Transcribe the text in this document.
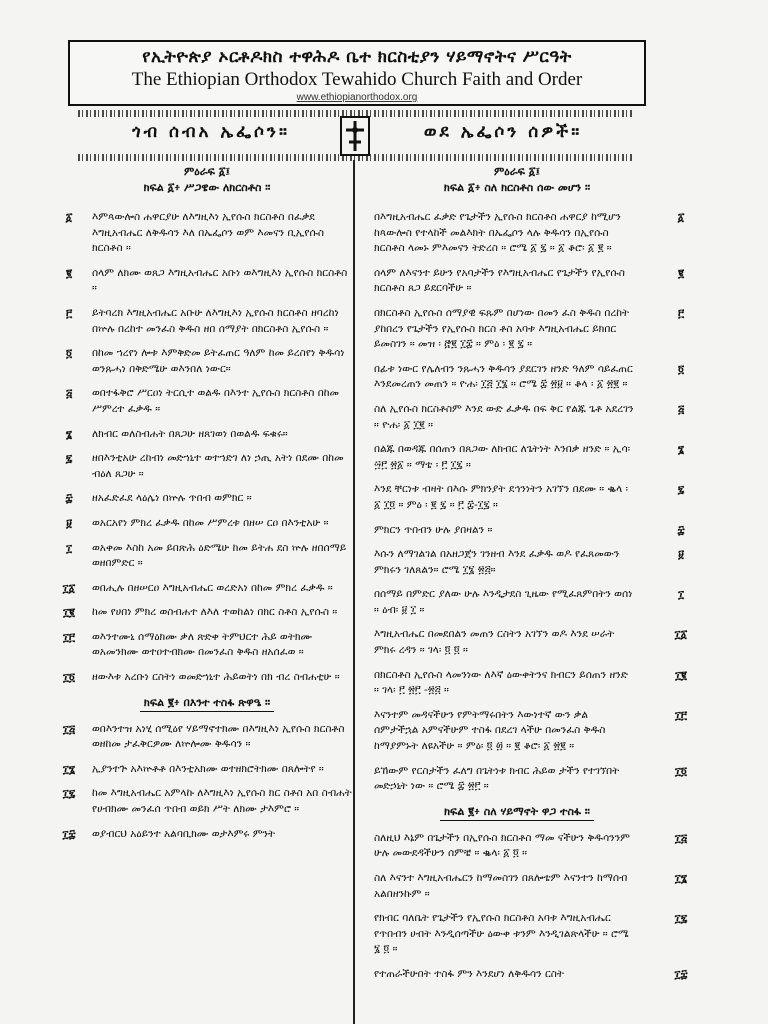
የኢትዮጵያ ኦርቶዶክስ ተዋሕዶ ቤተ ክርስቲያን ሃይማኖትና ሥርዓት
The Ethiopian Orthodox Tewahido Church Faith and Order
www.ethiopianorthodox.org
ጎብ ሰብአ ኤፌሶን።	ወደ ኤፌሶን ሰዎች።
ምዕራፍ ፩፤
ክፍል ፩፥ ሥጋዌው ለክርስቶስ ።
፩	እምጳውሎስ ሐዋርያሁ ለእግዚእነ ኢየሱስ ክርስቶስ በፈቃደ እግዚአብሔር ለቅዱሳን እለ በኤፌሶን ወም እመናን ቢኢየሱስ ክርስቶስ ።
፪	ሰላም ለክሙ ወጸጋ እግዚአብሔር አቡነ ወእግዚእነ ኢየሱስ ክርስቶስ ።
፫	ይትባረክ እግዚአብሔር አቡሁ ለእግዚእነ ኢየሱስ ክርስቶስ ዘባረከነ በኵሉ በረከተ መንፈስ ቅዱስ ዘበ ሰማያት በክርስቶስ ኢየሱስ ።
፬	በከመ ኀረየነ ሎቱ እምቅድመ ይትፈጠር ዓለም ከመ ይረስየነ ቅዱሳነ ወንጹሓነ በቅድሜሁ ወእንበለ ነውር።
፭	ወበተፋቅሮ ሥርዐነ ትርሲተ ወልዱ በእንተ ኢየሱስ ክርስቶስ በከመ ሥምረተ ፈቃዱ ።
፮	ለክብር ወለስብሐት በጸጋሁ ዘጸገወነ በወልዱ ፍቁሩ።
፯	ዘበእንቲአሁ ረከብነ መድኀኒተ ወተኀድገ ለነ ኃጢ አትነ በደሙ በከመ ብዕለ ጸጋሁ ።
፰	ዘአፈድፈደ ላዕሌነ በኵሉ ጥበብ ወምክር ።
፱	ወአርአየነ ምክረ ፈቃዱ በከመ ሥምረቱ በዘሠ ርዐ በእንቲአሁ ።
፲	ወአቀመ እስከ አመ ይበጽሕ ዕድሜሁ ከመ ይትሐ ደስ ኵሉ ዘበሰማይ ወዘበምድር ።
፲፩ ወበሒሉ በዘሠርዐ እግዚአብሔር ወረድአነ በከመ ምክረ ፈቃዱ ።
፲፪ ከመ የሀበነ ምክረ ወስብሐተ ለእለ ተወከልነ በክር ስቶስ ኢየሱስ ።
፲፫ ወእንተሙኒ ሰማዕክሙ ቃለ ጽድቀ ትምህርተ ሕይ ወትክሙ ወአመንክሙ ወተዐተብክሙ በመንፈስ ቅዱስ ዘአሰፈወ ።
፲፬ ዘውእቱ አረቡነ ርስትነ ወመድኀኒተ ሕይወትነ በክ ብረ ስብሐቲሁ ።
ክፍል ፪፥ በእንተ ተስፋ ጽዋዔ ።
፲፭ ወበእንተዝ አነሂ ሰሚዕየ ሃይማኖተክሙ በእግዚእነ ኢየሱስ ክርስቶስ ወዘከመ ታፈቅርዎሙ ለኵሎሙ ቅዱሳን ።
፲፮ ኢያንተጕ አእኵቶቶ በእንቲአክሙ ወተዘክሮትክሙ በጸሎትየ ።
፲፯ ከመ እግዚአብሔር አምላኩ ለእግዚእነ ኢየሱስ ክር ስቶስ አበ ስብሐት የሀብክሙ መንፈሰ ጥበብ ወይክ ሥት ለክሙ ታእምሮ ።
፲፰ ወያብርህ አዕይንተ አልባቢክሙ ወታእምሩ ምንት
ምዕራፍ ፩፤
ክፍል ፩፥ ስለ ክርስቶስ ሰው መሆን ።
፩
በእግዚአብሔር ፈቃድ የጌታችን ኢየሱስ ክርስቶስ ሐዋርያ ከሚሆን ከጳውሎስ የተላከች መልእክት በኤፌሶን ላሉ ቅዱሳን በኢየሱስ ክርስቶስ ላመኑ ምእመናን ትድረስ ። ሮሜ ፩ ፯ ። ፩ ቆሮ፡ ፩ ፪ ።
፪
ሰላም ለእናንተ ይሁን የአባታችን የእግዚአብሔር የጌታችን የኢየሱስ ክርስቶስ ጸጋ ይደርባችሁ ።
፫
በክርስቶስ ኢየሱስ ሰማያዊ ፍጹም በሆነው በመን ፈስ ቅዱስ በረከት ያከበረን የጌታችን የኢየሱስ ክርስ ቶስ አባቱ እግዚአብሔር ይክበር ይመስገን ። መዝ ፡ ፸፪ ፲፰ ። ምዕ ፡ ፪ ፯ ።
፬
በፊቱ ነውር የሌለብን ንጹሓን ቅዱሳን ያደርገን ዘንድ ዓለም ሳይፈጠር እንደመረጠን መጠን ። ዮሐ፡ ፲፭ ፲፮ ። ሮሜ ፰ ፳፱ ። ቆላ ፡ ፩ ፳፪ ።
፭
ስለ ኢየሱስ ክርስቶስም እንደ ውድ ፈቃዱ በፍ ቅር የልጁ ጌቶ አደረገን ። ዮሐ፡ ፩ ፲፪ ።
፮
በልጁ በወዳጁ በሰጠን በጸጋው ለክብር ለጌትነት እንበቃ ዘንድ ። ኢሳ፡ ፵፫ ፳፩ ። ማቴ ፡ ፫ ፲፯ ።
፯
እንደ ቸርነቱ ብዛት በእሱ ምክንያት ደኅንነትን አገኘን በደሙ ። ቈላ ፡ ፩ ፲፬ ። ምዕ ፡ ፪ ፯ ። ፫ ፰-፲፯ ።
፰
ምክርን ጥበብን ሁሉ ያበዛልን ።
፱
እሱን ለማገልገል በአዘጋጀን ገንዘብ እንደ ፈቃዱ ወዶ የፈጸመውን ምክሩን ገለጸልን። ሮሜ ፲፮ ፳፭።
፲
በሰማይ በምድር ያለው ሁሉ እንዲታደስ ጊዜው የሚፈጸምበትን ወሰነ ። ዕብ፡ ፱ ፲ ።
፲፩
እግዚአብሔር በመደበልን መጠን ርስትን አገኘን ወዶ እንደ ሠራት ምክሩ ረዳን ። ገላ፡ ፬ ፬ ።
፲፪
በክርስቶስ ኢየሱስ ላመንነው ለእኛ ዕውቀትንና ክብርን ይሰጠን ዘንድ ። ገላ፡ ፫ ፳፫ -፳፭ ።
፲፫
እናንተም መዳናችሁን የምትማሩበትን እውነተኛ ውን ቃል ሰምታችኋል አምናችሁም ተስፋ በደረገ ላችሁ በመንፈስ ቅዱስ ከማያምኑት ለዩአችሁ ። ምዕ፡ ፬ ፴ ። ፪ ቆሮ፡ ፩ ፳፪ ።
፲፬
ይኸውም የርስታችን ፈለግ በጌትነቱ ክብር ሕይወ ታችን የተገኘበት መድኃኒት ነው ። ሮሜ ፰ ፳፫ ።
ክፍል ፪፥ ስለ ሃይማኖት ዋጋ ተስፋ ።
፲፭
ስለዚህ እኔም በጌታችን በኢየሱስ ክርስቶስ ማመ ናችሁን ቅዱሳንንም ሁሉ መውደዳችሁን ሰምቼ ። ቈላ፡ ፩ ፬ ።
፲፮
ስለ እናንተ እግዚአብሔርን ከማመስገን በጸሎቴም እናንተን ከማሰብ አልበዘንኩም ።
፲፯
የክብር ባለቤት የጌታችን የኢየሱስ ክርስቶስ አባቱ እግዚአብሔር የጥበብን ሀብት እንዲሰጣችሁ ዕውቀ ቱንም እንዲገልጽላችሁ ። ሮሜ ፮ ፬ ።
፲፰
የተጠራችሁበት ተስፋ ምን እንደሆነ ለቅዱሳን ርስት
